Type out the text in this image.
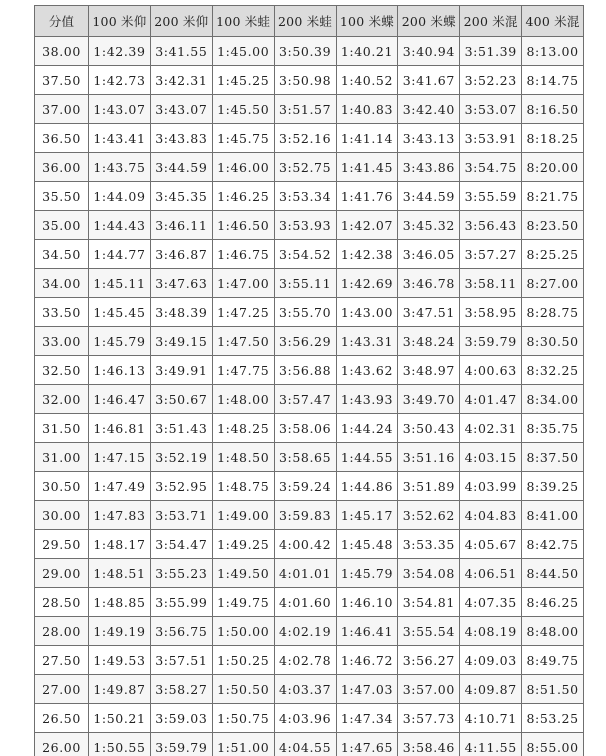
分值	100 米仰	200 米仰	100 米蛙	200 米蛙	100 米蝶	200 米蝶	200 米混	400 米混
38.00	1:42.39	3:41.55	1:45.00	3:50.39	1:40.21	3:40.94	3:51.39	8:13.00
37.50	1:42.73	3:42.31	1:45.25	3:50.98	1:40.52	3:41.67	3:52.23	8:14.75
37.00	1:43.07	3:43.07	1:45.50	3:51.57	1:40.83	3:42.40	3:53.07	8:16.50
36.50	1:43.41	3:43.83	1:45.75	3:52.16	1:41.14	3:43.13	3:53.91	8:18.25
36.00	1:43.75	3:44.59	1:46.00	3:52.75	1:41.45	3:43.86	3:54.75	8:20.00
35.50	1:44.09	3:45.35	1:46.25	3:53.34	1:41.76	3:44.59	3:55.59	8:21.75
35.00	1:44.43	3:46.11	1:46.50	3:53.93	1:42.07	3:45.32	3:56.43	8:23.50
34.50	1:44.77	3:46.87	1:46.75	3:54.52	1:42.38	3:46.05	3:57.27	8:25.25
34.00	1:45.11	3:47.63	1:47.00	3:55.11	1:42.69	3:46.78	3:58.11	8:27.00
33.50	1:45.45	3:48.39	1:47.25	3:55.70	1:43.00	3:47.51	3:58.95	8:28.75
33.00	1:45.79	3:49.15	1:47.50	3:56.29	1:43.31	3:48.24	3:59.79	8:30.50
32.50	1:46.13	3:49.91	1:47.75	3:56.88	1:43.62	3:48.97	4:00.63	8:32.25
32.00	1:46.47	3:50.67	1:48.00	3:57.47	1:43.93	3:49.70	4:01.47	8:34.00
31.50	1:46.81	3:51.43	1:48.25	3:58.06	1:44.24	3:50.43	4:02.31	8:35.75
31.00	1:47.15	3:52.19	1:48.50	3:58.65	1:44.55	3:51.16	4:03.15	8:37.50
30.50	1:47.49	3:52.95	1:48.75	3:59.24	1:44.86	3:51.89	4:03.99	8:39.25
30.00	1:47.83	3:53.71	1:49.00	3:59.83	1:45.17	3:52.62	4:04.83	8:41.00
29.50	1:48.17	3:54.47	1:49.25	4:00.42	1:45.48	3:53.35	4:05.67	8:42.75
29.00	1:48.51	3:55.23	1:49.50	4:01.01	1:45.79	3:54.08	4:06.51	8:44.50
28.50	1:48.85	3:55.99	1:49.75	4:01.60	1:46.10	3:54.81	4:07.35	8:46.25
28.00	1:49.19	3:56.75	1:50.00	4:02.19	1:46.41	3:55.54	4:08.19	8:48.00
27.50	1:49.53	3:57.51	1:50.25	4:02.78	1:46.72	3:56.27	4:09.03	8:49.75
27.00	1:49.87	3:58.27	1:50.50	4:03.37	1:47.03	3:57.00	4:09.87	8:51.50
26.50	1:50.21	3:59.03	1:50.75	4:03.96	1:47.34	3:57.73	4:10.71	8:53.25
26.00	1:50.55	3:59.79	1:51.00	4:04.55	1:47.65	3:58.46	4:11.55	8:55.00
